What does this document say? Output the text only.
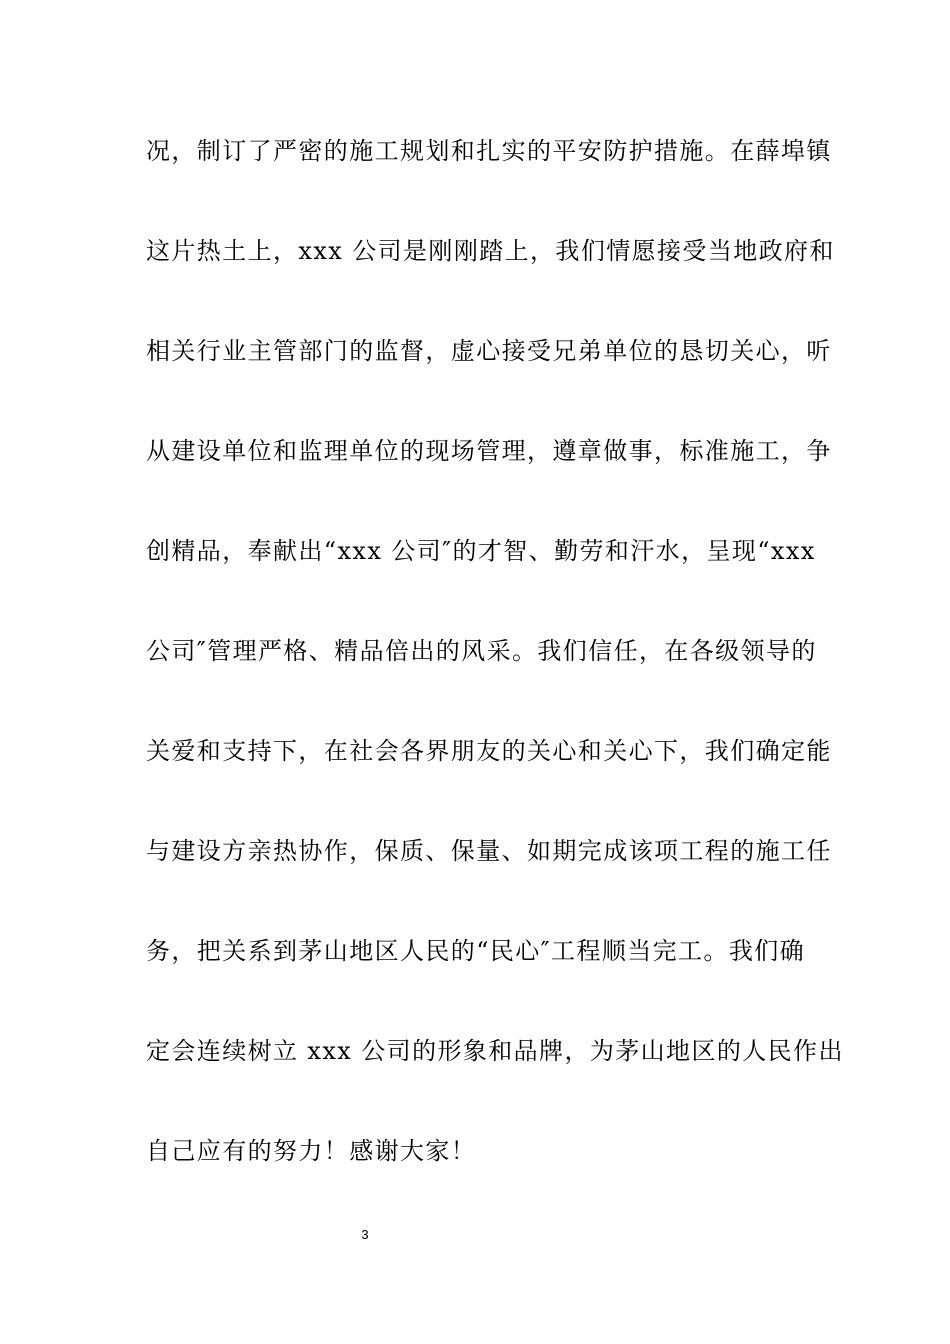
况，制订了严密的施工规划和扎实的平安防护措施。在薛埠镇
这片热土上，xxx 公司是刚刚踏上，我们情愿接受当地政府和
相关行业主管部门的监督，虚心接受兄弟单位的恳切关心，听
从建设单位和监理单位的现场管理，遵章做事，标准施工，争
创精品，奉献出“xxx 公司″的才智、勤劳和汗水，呈现“xxx
公司″管理严格、精品倍出的风采。我们信任，在各级领导的
关爱和支持下，在社会各界朋友的关心和关心下，我们确定能
与建设方亲热协作，保质、保量、如期完成该项工程的施工任
务，把关系到茅山地区人民的“民心″工程顺当完工。我们确
定会连续树立 xxx 公司的形象和品牌，为茅山地区的人民作出
自己应有的努力！感谢大家！
3
